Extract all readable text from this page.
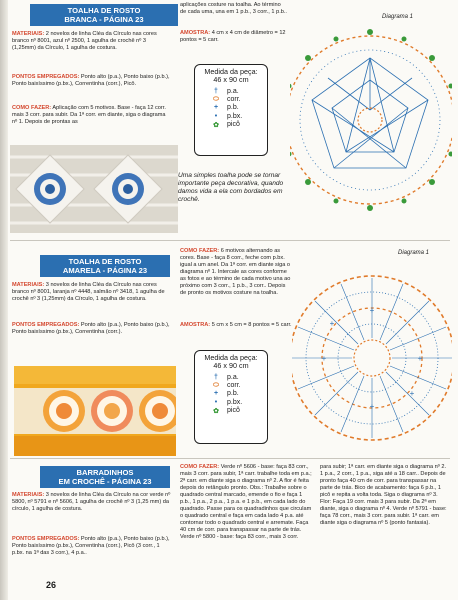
TOALHA DE ROSTO
BRANCA - PÁGINA 23

MATERIAIS: 2 novelos de linha Cléa da Círculo nas cores branco nº 8001, azul nº 2500, 1 agulha de crochê nº 3 (1,25mm) da Círculo, 1 agulha de costura.

PONTOS EMPREGADOS: Ponto alto (p.a.), Ponto baixo (p.b.), Ponto baixíssimo (p.bx.), Correntinha (corr.), Picô.

COMO FAZER: Aplicação com 5 motivos. Base - faça 12 corr. mais 3 corr. para subir. Da 1ª corr. em diante, siga o diagrama nº 1. Depois de prontas as

aplicações costure na toalha. Ao término de cada uma, una em 1 p.b., 3 corr., 1 p.b..

AMOSTRA: 4 cm x 4 cm de diâmetro = 12 pontos = 5 carr.

Medida da peça:
46 x 90 cm
†	p.a.
⬭	corr.
+	p.b.
•	p.bx.
✿	picô
Uma simples toalha pode se tornar importante peça decorativa, quando damos vida a ela com bordados em crochê.
Diagrama 1
TOALHA DE ROSTO
AMARELA - PÁGINA 23

MATERIAIS: 3 novelos de linha Cléa da Círculo nas cores branco nº 8001, laranja nº 4448, salmão nº 3418, 1 agulha de crochê nº 3 (1,25mm) da Círculo, 1 agulha de costura.

PONTOS EMPREGADOS: Ponto alto (p.a.), Ponto baixo (p.b.), Ponto baixíssimo (p.bx.), Correntinha (corr.).

COMO FAZER: 6 motivos alternando as cores. Base - faça 8 corr., feche com p.bx. igual a um anel. Da 1ª corr. em diante siga o diagrama nº 1. Intercale as cores conforme as fotos e ao término de cada motivo una ao próximo com 3 corr., 1 p.b., 3 corr.. Depois de pronto os motivos costure na toalha.

AMOSTRA: 5 cm x 5 cm = 8 pontos = 5 carr.

Medida da peça:
46 x 90 cm
†	p.a.
⬭	corr.
+	p.b.
•	p.bx.
✿	picô
Diagrama 1
+
+
+	+
+
+
BARRADINHOS
EM CROCHÊ - PÁGINA 23

MATERIAIS: 3 novelos de linha Cléa da Círculo na cor verde nº 5800, nº 5791 e nº 5606, 1 agulha de crochê nº 3 (1,25 mm) da círculo, 1 agulha de costura.

PONTOS EMPREGADOS: Ponto alto (p.a.), Ponto baixo (p.b.), Ponto baixíssimo (p.bx.), Correntinha (corr.), Picô (3 corr., 1 p.bx. na 1ª das 3 corr.), 4 p.a..

COMO FAZER: Verde nº 5606 - base: faça 83 corr., mais 3 corr. para subir, 1ª carr. trabalhe toda em p.a.; 2ª carr. em diante siga o diagrama nº 2. A flor é feita depois do retângulo pronto. Obs.: Trabalhe sobre o quadrado central marcado, emende o fio e faça 1 p.b., 1 p.a., 2 p.a., 1 p.a. e 1 p.b., em cada lado do quadrado. Passe para os quadradinhos que circulam o quadrado central e faça em cada lado 4 p.a. até contornar todo o quadrado central e arremate. Faça 40 cm de corr. para transpassar na parte de trás. Verde nº 5800 - base: faça 83 corr., mais 3 corr.

para subir; 1ª carr. em diante siga o diagrama nº 2. 1 p.a., 2 corr., 1 p.a., siga até a 18 carr.. Depois de pronto faça 40 cm de corr. para transpassar na parte de trás. Bico de acabamento: faça 6 p.b., 1 picô e repita a volta toda. Siga o diagrama nº 3. Flor: Faça 19 corr. mais 3 para subir. Da 2ª em diante, siga o diagrama nº 4. Verde nº 5791 - base: faça 78 corr., mais 3 corr. para subir. 1ª carr. em diante siga o diagrama nº 5 (ponto fantasia).

26
